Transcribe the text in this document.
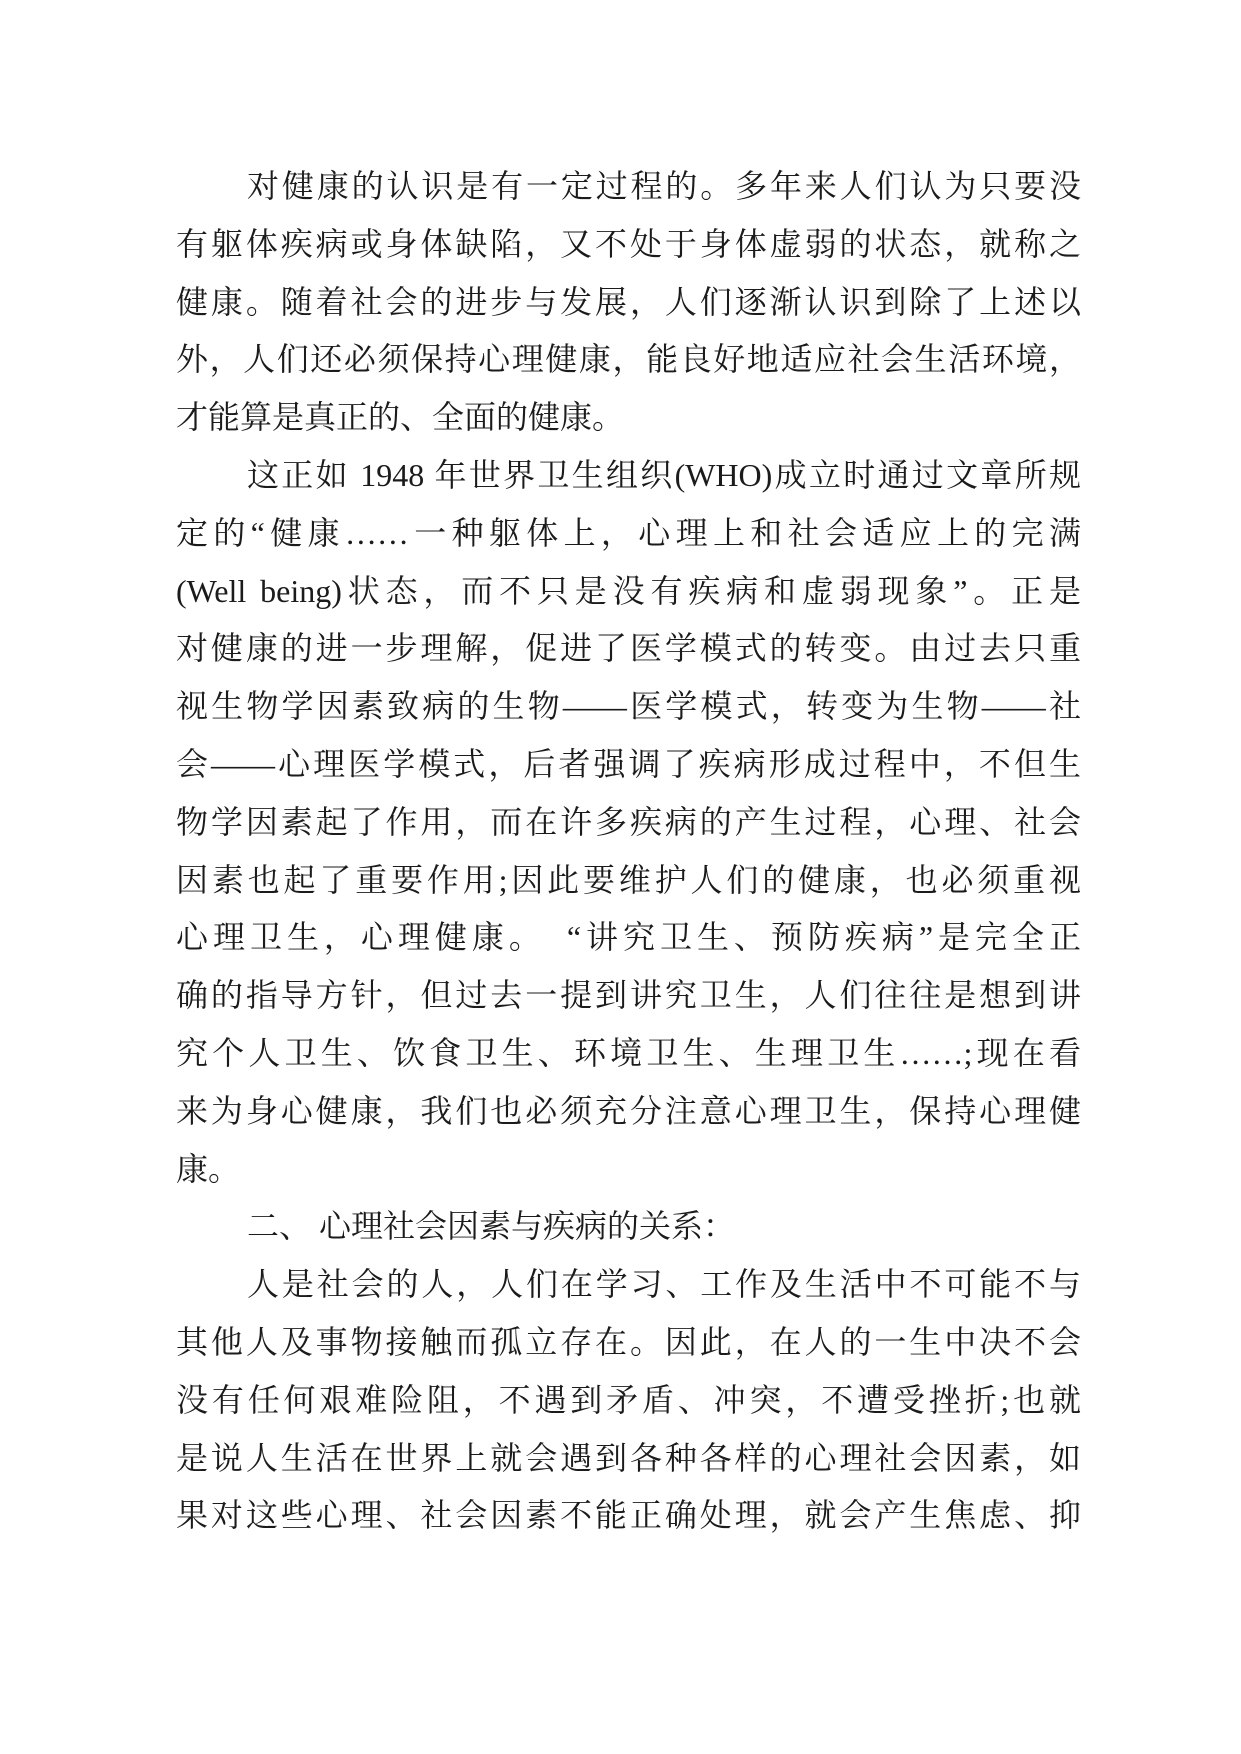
对健康的认识是有一定过程的。多年来人们认为只要没
有躯体疾病或身体缺陷，又不处于身体虚弱的状态，就称之
健康。随着社会的进步与发展，人们逐渐认识到除了上述以
外，人们还必须保持心理健康，能良好地适应社会生活环境，
才能算是真正的、全面的健康。
这正如 1948 年世界卫生组织(WHO)成立时通过文章所规
定的“健康……一种躯体上，心理上和社会适应上的完满
(Well being)状态，而不只是没有疾病和虚弱现象”。正是
对健康的进一步理解，促进了医学模式的转变。由过去只重
视生物学因素致病的生物——医学模式，转变为生物——社
会——心理医学模式，后者强调了疾病形成过程中，不但生
物学因素起了作用，而在许多疾病的产生过程，心理、社会
因素也起了重要作用;因此要维护人们的健康，也必须重视
心理卫生，心理健康。　“讲究卫生、预防疾病”是完全正
确的指导方针，但过去一提到讲究卫生，人们往往是想到讲
究个人卫生、饮食卫生、环境卫生、生理卫生……;现在看
来为身心健康，我们也必须充分注意心理卫生，保持心理健
康。
二、 心理社会因素与疾病的关系：
人是社会的人，人们在学习、工作及生活中不可能不与
其他人及事物接触而孤立存在。因此，在人的一生中决不会
没有任何艰难险阻，不遇到矛盾、冲突，不遭受挫折;也就
是说人生活在世界上就会遇到各种各样的心理社会因素，如
果对这些心理、社会因素不能正确处理，就会产生焦虑、抑
